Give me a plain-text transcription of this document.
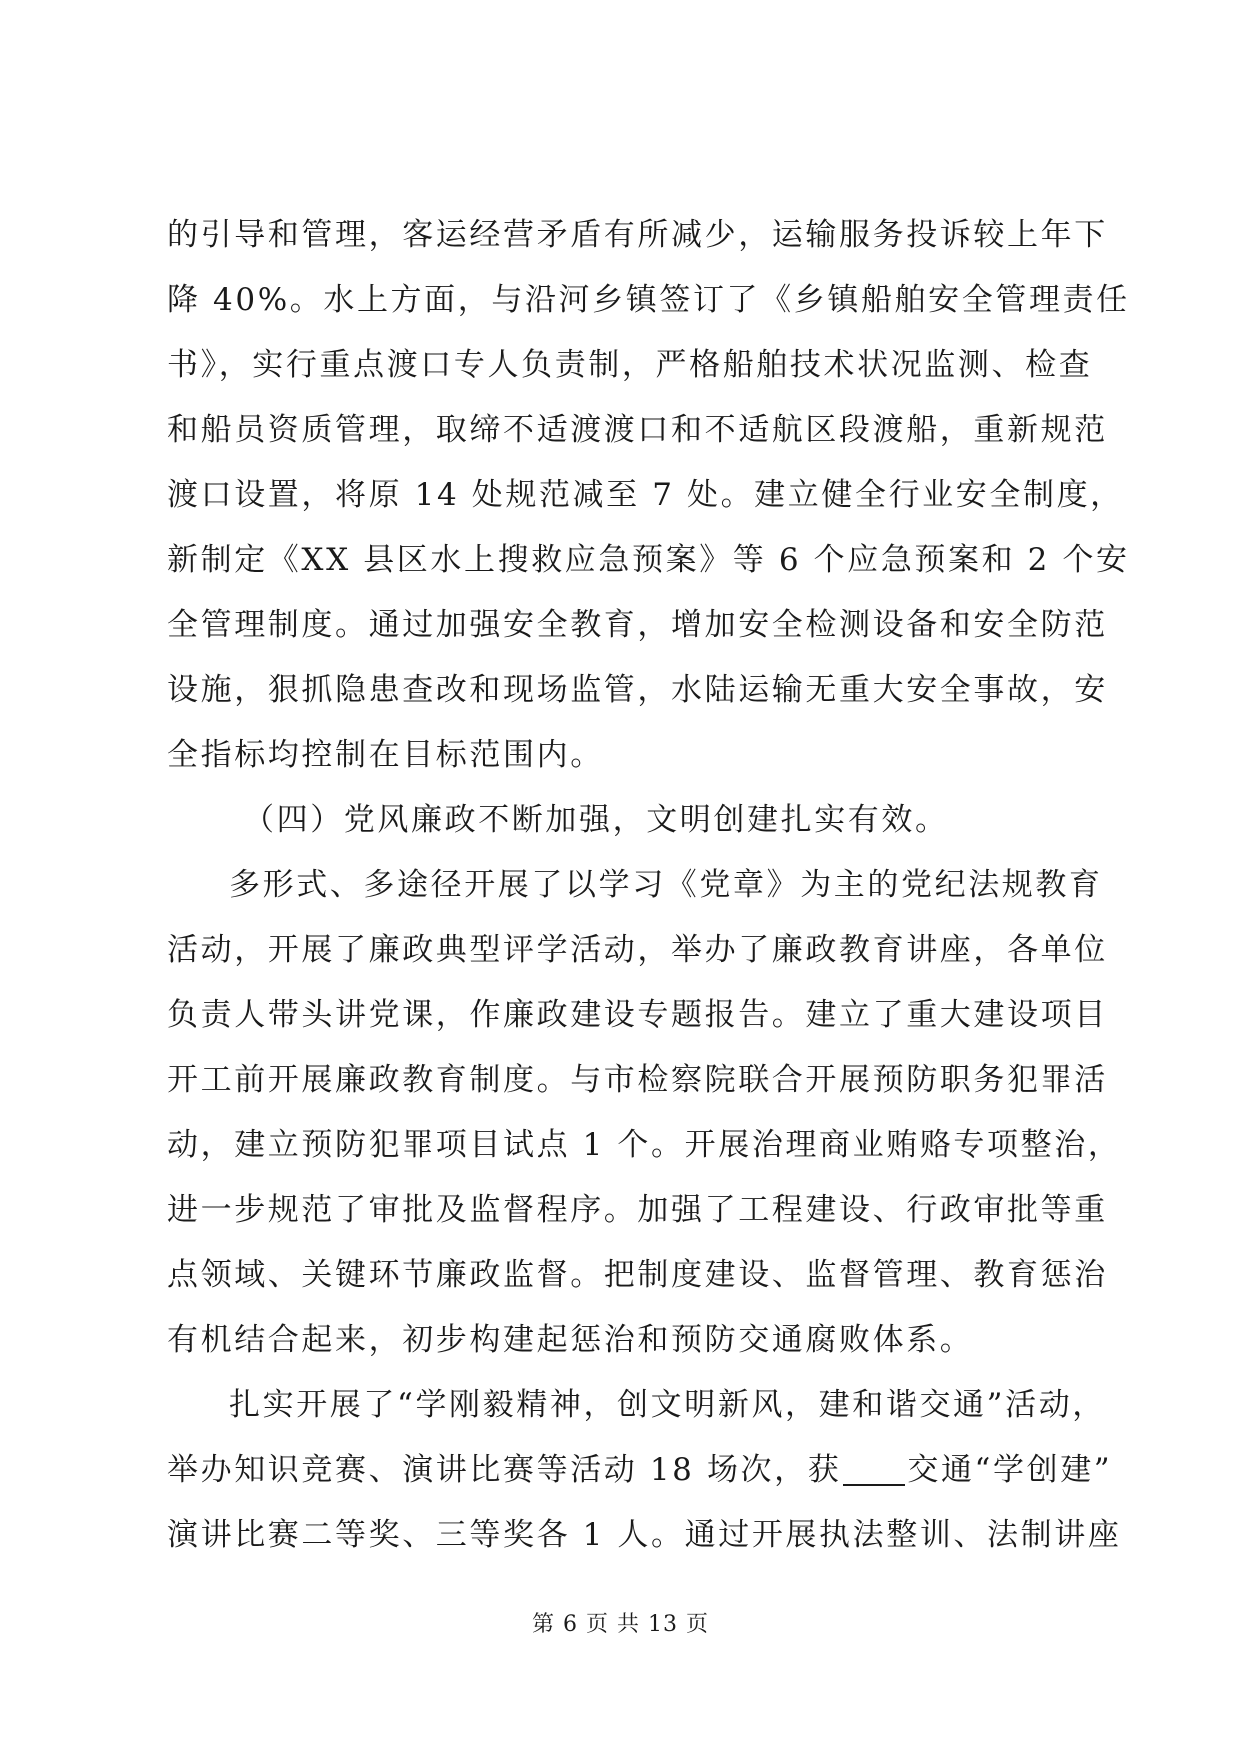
的引导和管理，客运经营矛盾有所减少，运输服务投诉较上年下
降 40%。水上方面，与沿河乡镇签订了《乡镇船舶安全管理责任
书》，实行重点渡口专人负责制，严格船舶技术状况监测、检查
和船员资质管理，取缔不适渡渡口和不适航区段渡船，重新规范
渡口设置，将原 14 处规范减至 7 处。建立健全行业安全制度，
新制定《XX 县区水上搜救应急预案》等 6 个应急预案和 2 个安
全管理制度。通过加强安全教育，增加安全检测设备和安全防范
设施，狠抓隐患查改和现场监管，水陆运输无重大安全事故，安
全指标均控制在目标范围内。
（四）党风廉政不断加强，文明创建扎实有效。
多形式、多途径开展了以学习《党章》为主的党纪法规教育
活动，开展了廉政典型评学活动，举办了廉政教育讲座，各单位
负责人带头讲党课，作廉政建设专题报告。建立了重大建设项目
开工前开展廉政教育制度。与市检察院联合开展预防职务犯罪活
动，建立预防犯罪项目试点 1 个。开展治理商业贿赂专项整治，
进一步规范了审批及监督程序。加强了工程建设、行政审批等重
点领域、关键环节廉政监督。把制度建设、监督管理、教育惩治
有机结合起来，初步构建起惩治和预防交通腐败体系。
扎实开展了“学刚毅精神，创文明新风，建和谐交通”活动，
举办知识竞赛、演讲比赛等活动 18 场次，获 交通“学创建”
演讲比赛二等奖、三等奖各 1 人。通过开展执法整训、法制讲座
第 6 页 共 13 页
